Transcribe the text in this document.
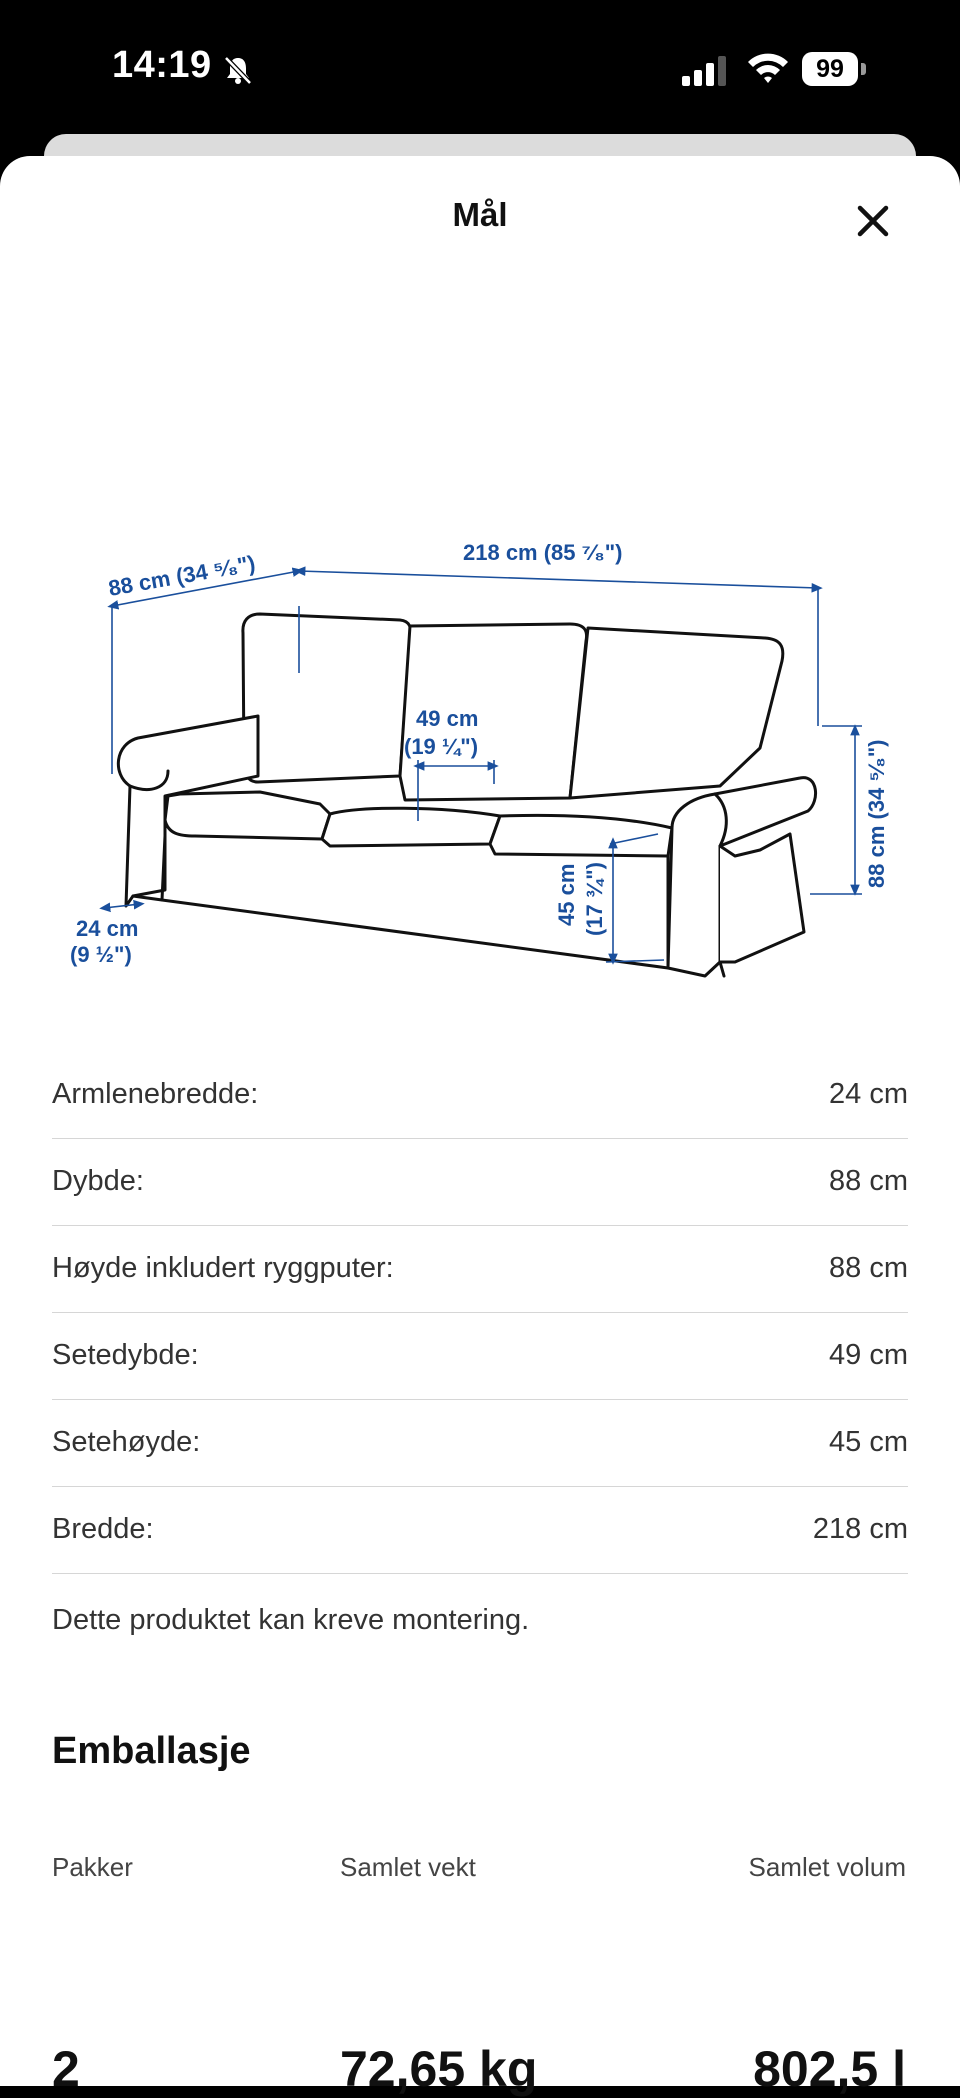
14:19	99
Mål
88 cm (34 ⁵⁄₈")	218 cm (85 ⁷⁄₈")
49 cm
(19 ¼")
24 cm
(9 ½")
45 cm (17 ¾")
88 cm (34 ⁵⁄₈")
Armlenebredde:	24 cm
Dybde:	88 cm
Høyde inkludert ryggputer:	88 cm
Setedybde:	49 cm
Setehøyde:	45 cm
Bredde:	218 cm
Dette produktet kan kreve montering.
Emballasje
Pakker	Samlet vekt	Samlet volum
2	72,65 kg	802,5 l
